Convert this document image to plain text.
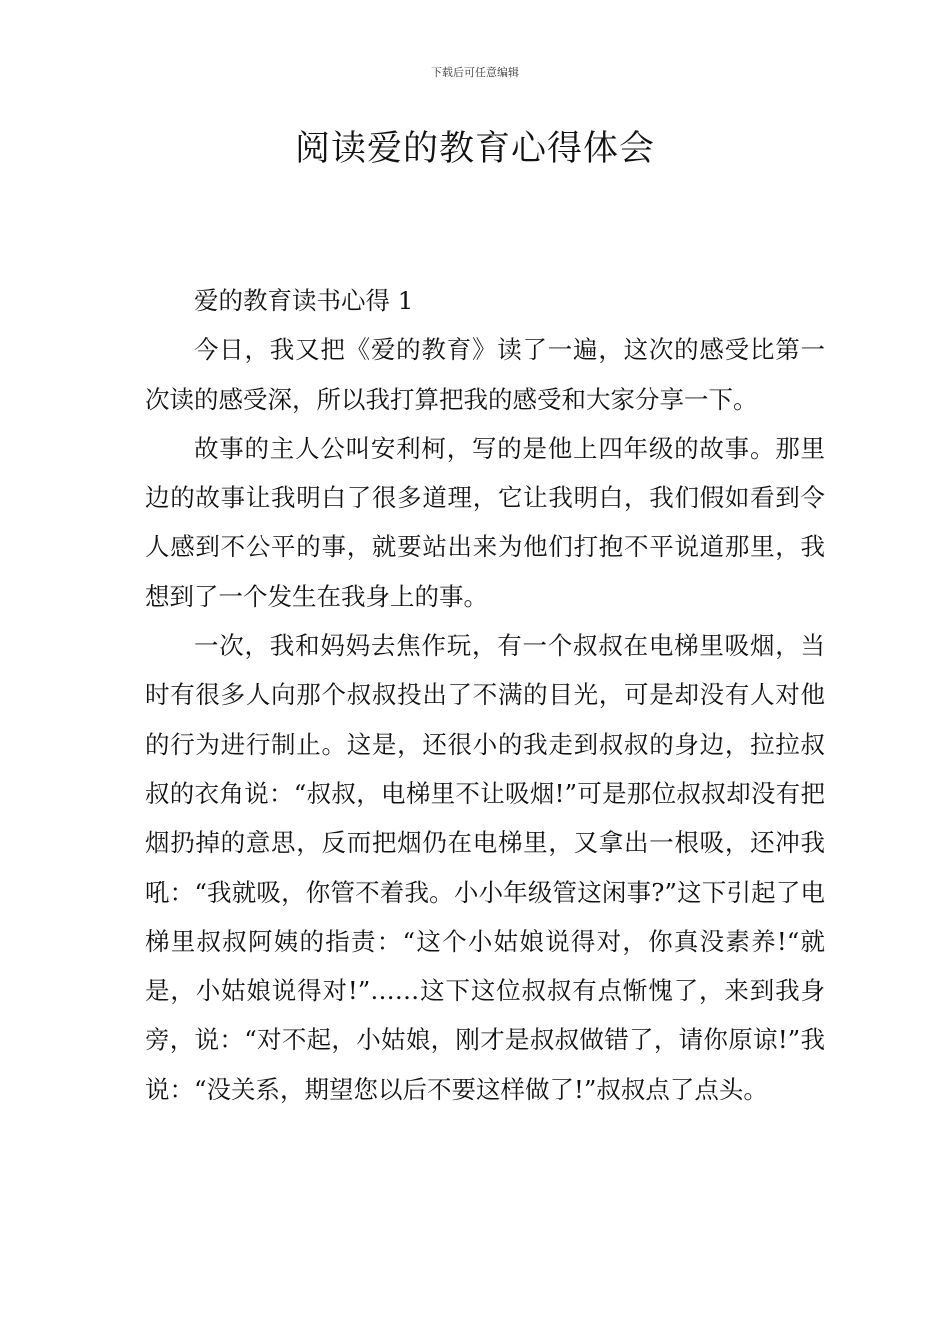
下载后可任意编辑
阅读爱的教育心得体会

爱的教育读书心得 1

今日，我又把《爱的教育》读了一遍，这次的感受比第一次读的感受深，所以我打算把我的感受和大家分享一下。

故事的主人公叫安利柯，写的是他上四年级的故事。那里边的故事让我明白了很多道理，它让我明白，我们假如看到令人感到不公平的事，就要站出来为他们打抱不平说道那里，我想到了一个发生在我身上的事。

一次，我和妈妈去焦作玩，有一个叔叔在电梯里吸烟，当时有很多人向那个叔叔投出了不满的目光，可是却没有人对他的行为进行制止。这是，还很小的我走到叔叔的身边，拉拉叔叔的衣角说：“叔叔，电梯里不让吸烟!”可是那位叔叔却没有把烟扔掉的意思，反而把烟仍在电梯里，又拿出一根吸，还冲我吼：“我就吸，你管不着我。小小年级管这闲事?”这下引起了电梯里叔叔阿姨的指责：“这个小姑娘说得对，你真没素养!“就是，小姑娘说得对!”……这下这位叔叔有点惭愧了，来到我身旁，说：“对不起，小姑娘，刚才是叔叔做错了，请你原谅!”我说：“没关系，期望您以后不要这样做了!”叔叔点了点头。
